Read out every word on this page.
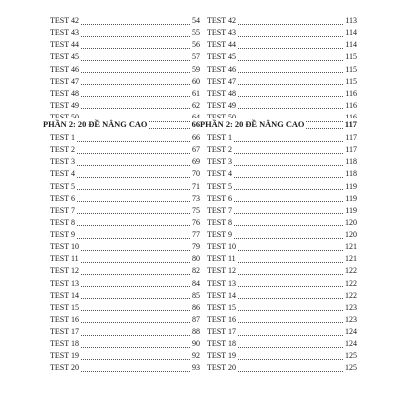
TEST 42	54
TEST 43	55
TEST 44	56
TEST 45	57
TEST 46	59
TEST 47	60
TEST 48	61
TEST 49	62
PHẦN 2: 20 ĐỀ NÂNG CAO	66
TEST 1	66
TEST 2	67
TEST 3	69
TEST 4	70
TEST 5	71
TEST 6	73
TEST 7	75
TEST 8	76
TEST 9	77
TEST 10	79
TEST 11	80
TEST 12	82
TEST 13	84
TEST 14	85
TEST 15	86
TEST 16	87
TEST 17	88
TEST 18	90
TEST 19	92
TEST 20	93
TEST 42	113
TEST 43	114
TEST 44	114
TEST 45	115
TEST 46	115
TEST 47	115
TEST 48	116
TEST 49	116
PHẦN 2: 20 ĐỀ NÂNG CAO	117
TEST 1	117
TEST 2	117
TEST 3	118
TEST 4	118
TEST 5	119
TEST 6	119
TEST 7	119
TEST 8	120
TEST 9	120
TEST 10	121
TEST 11	121
TEST 12	122
TEST 13	122
TEST 14	122
TEST 15	123
TEST 16	123
TEST 17	124
TEST 18	124
TEST 19	125
TEST 20	125
